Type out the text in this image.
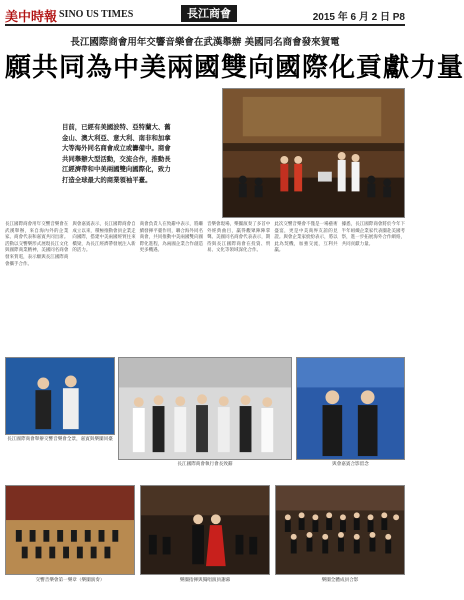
美中時報 SINO US TIMES	長江商會	2015 年 6 月 2 日 P8
長江國際商會用年交響音樂會在武漢舉辦 美國同名商會發來賀電
願共同為中美兩國雙向國際化貢獻力量
目前，已經有美國波特、亞特蘭大、舊金山、澳大利亞、意大利、南非和加拿大等海外同名商會成立或籌備中。商會共同舉辦大型活動，交流合作，推動長江經濟帶和中美兩國雙向國際化，致力打造全球最大的商業領袖平臺。
長江國際商會用年交響音樂會在武漢舉辦，來自海內外的企業家、商會代表和嘉賓共同出席。活動以交響樂形式展現長江文化與國際商業精神，美國同名商會發來賀電，表示願與長江國際商會攜手合作。
與會嘉賓表示，長江國際商會自成立以來，積極推動會員企業走向國際，搭建中美兩國經貿往來橋梁，為長江經濟帶發展注入新的活力。
商會負責人在致辭中表示，將繼續發揮平臺作用，聯合海外同名商會，共同推動中美兩國雙向國際化進程，為兩國企業合作創造更多機遇。
音樂會現場，樂團演奏了多首中外經典曲目，贏得觀眾陣陣掌聲。美國同名商會代表表示，期待與長江國際商會在投資、貿易、文化等領域深化合作。
此次交響音樂會不僅是一場藝術盛宴，更是中美商界友誼的見證。與會企業家紛紛表示，將以此為契機，加強交流，互利共贏。
據悉，長江國際商會將於今年下半年組織企業家代表團赴美國考察，進一步拓展海外合作網絡，共同貢獻力量。
長江國際商會舉辦交響音樂會全景，嘉賓與樂團同臺
長江國際商會執行會長致辭	與會嘉賓合影留念
交響音樂會第一樂章（樂團演奏）	樂團指揮與獨唱演員謝幕	樂團全體成員合影
